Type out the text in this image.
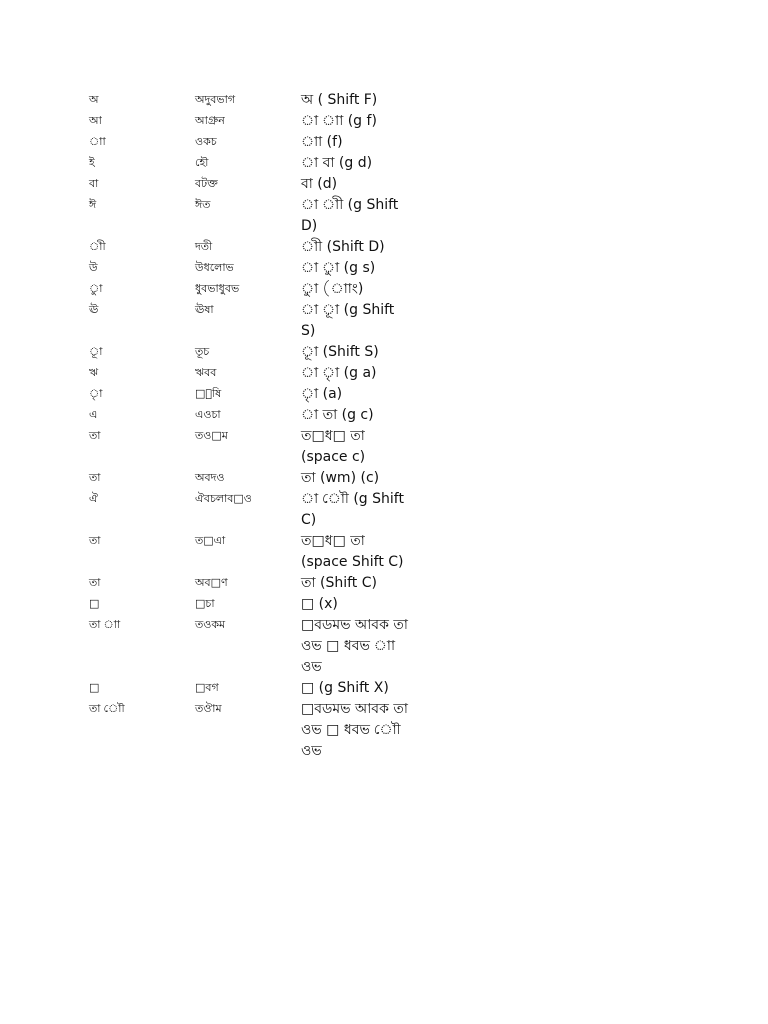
অ	অদুবভাগ	অ ( Shift F)
আ	আগ্রুন	া াা (g f)
াা	ওকচ	াা (f)
ই	হৌ	া বা (g d)
বা	বটক্ত	বা (d)
ঈ	ঈত	া াী (g Shift D)
াী	দতী	াী (Shift D)
উ	উধলোভ	া াু (g s)
াু	ধুবভাধুবভ	াু (াাং)
ঊ	ঊষা	া াূ (g Shift S)
াূ	তূচ	াূ (Shift S)
ঋ	ঋবব	া াৃ (g a)
াৃ	□ৃষি	াৃ (a)
এ	এওচা	া তা (g c)
তা	তও□ম	ত□ধ□ তা (space c)
তা	অবদও	তা (wm) (c)
ঐ	ঐবচলাব□ও	া াৌ (g Shift C)
তা	ত□এা	ত□ধ□ তা (space Shift C)
তা	অব□ণ	তা (Shift C)
□	□চা	□ (x)
তা াা	তওকম	□বডমভ আবক তা ওভ □ ধবভ াা ওভ
□	□বগ	□ (g Shift X)
তা াৌ	তঔাম	□বডমভ আবক তা ওভ □ ধবভ াৌ ওভ
